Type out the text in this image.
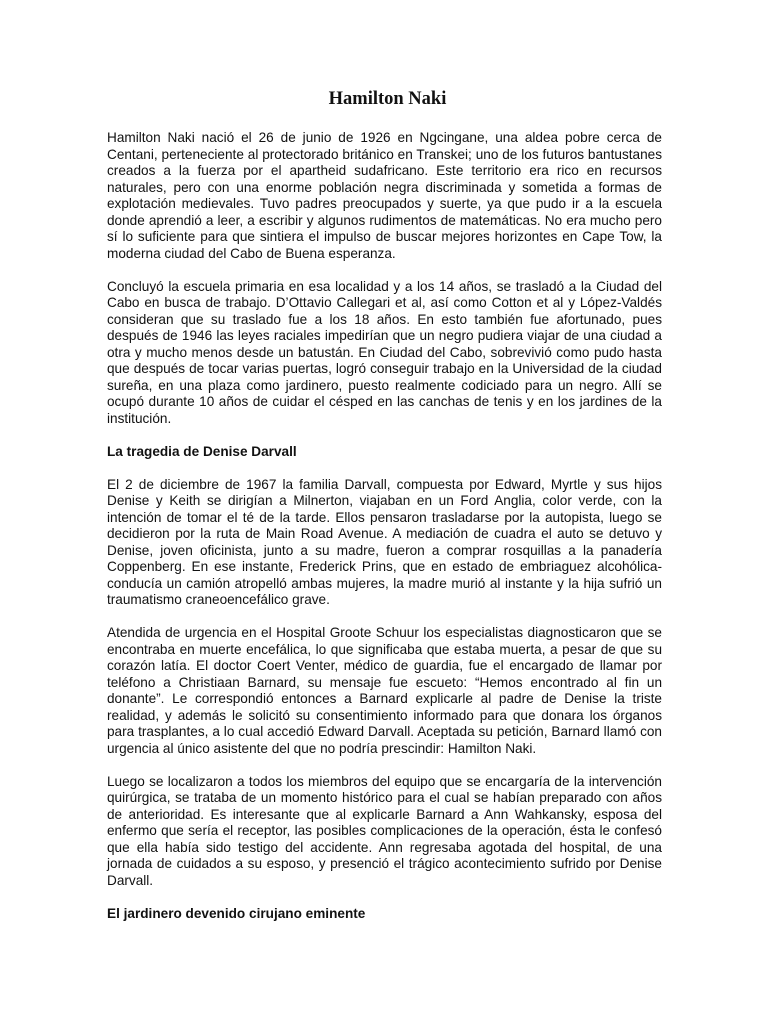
Hamilton Naki

Hamilton Naki nació el 26 de junio de 1926 en Ngcingane, una aldea pobre cerca de Centani, perteneciente al protectorado británico en Transkei; uno de los futuros bantustanes creados a la fuerza por el apartheid sudafricano. Este territorio era rico en recursos naturales, pero con una enorme población negra discriminada y sometida a formas de explotación medievales. Tuvo padres preocupados y suerte, ya que pudo ir a la escuela donde aprendió a leer, a escribir y algunos rudimentos de matemáticas. No era mucho pero sí lo suficiente para que sintiera el impulso de buscar mejores horizontes en Cape Tow, la moderna ciudad del Cabo de Buena esperanza.

Concluyó la escuela primaria en esa localidad y a los 14 años, se trasladó a la Ciudad del Cabo en busca de trabajo. D’Ottavio Callegari et al, así como Cotton et al y López-Valdés consideran que su traslado fue a los 18 años. En esto también fue afortunado, pues después de 1946 las leyes raciales impedirían que un negro pudiera viajar de una ciudad a otra y mucho menos desde un batustán. En Ciudad del Cabo, sobrevivió como pudo hasta que después de tocar varias puertas, logró conseguir trabajo en la Universidad de la ciudad sureña, en una plaza como jardinero, puesto realmente codiciado para un negro. Allí se ocupó durante 10 años de cuidar el césped en las canchas de tenis y en los jardines de la institución.

La tragedia de Denise Darvall

El 2 de diciembre de 1967 la familia Darvall, compuesta por Edward, Myrtle y sus hijos Denise y Keith se dirigían a Milnerton, viajaban en un Ford Anglia, color verde, con la intención de tomar el té de la tarde. Ellos pensaron trasladarse por la autopista, luego se decidieron por la ruta de Main Road Avenue. A mediación de cuadra el auto se detuvo y Denise, joven oficinista, junto a su madre, fueron a comprar rosquillas a la panadería Coppenberg. En ese instante, Frederick Prins, que en estado de embriaguez alcohólica-conducía un camión atropelló ambas mujeres, la madre murió al instante y la hija sufrió un traumatismo craneoencefálico grave.

Atendida de urgencia en el Hospital Groote Schuur los especialistas diagnosticaron que se encontraba en muerte encefálica, lo que significaba que estaba muerta, a pesar de que su corazón latía. El doctor Coert Venter, médico de guardia, fue el encargado de llamar por teléfono a Christiaan Barnard, su mensaje fue escueto: “Hemos encontrado al fin un donante”. Le correspondió entonces a Barnard explicarle al padre de Denise la triste realidad, y además le solicitó su consentimiento informado para que donara los órganos para trasplantes, a lo cual accedió Edward Darvall. Aceptada su petición, Barnard llamó con urgencia al único asistente del que no podría prescindir: Hamilton Naki.

Luego se localizaron a todos los miembros del equipo que se encargaría de la intervención quirúrgica, se trataba de un momento histórico para el cual se habían preparado con años de anterioridad. Es interesante que al explicarle Barnard a Ann Wahkansky, esposa del enfermo que sería el receptor, las posibles complicaciones de la operación, ésta le confesó que ella había sido testigo del accidente. Ann regresaba agotada del hospital, de una jornada de cuidados a su esposo, y presenció el trágico acontecimiento sufrido por Denise Darvall.

El jardinero devenido cirujano eminente
